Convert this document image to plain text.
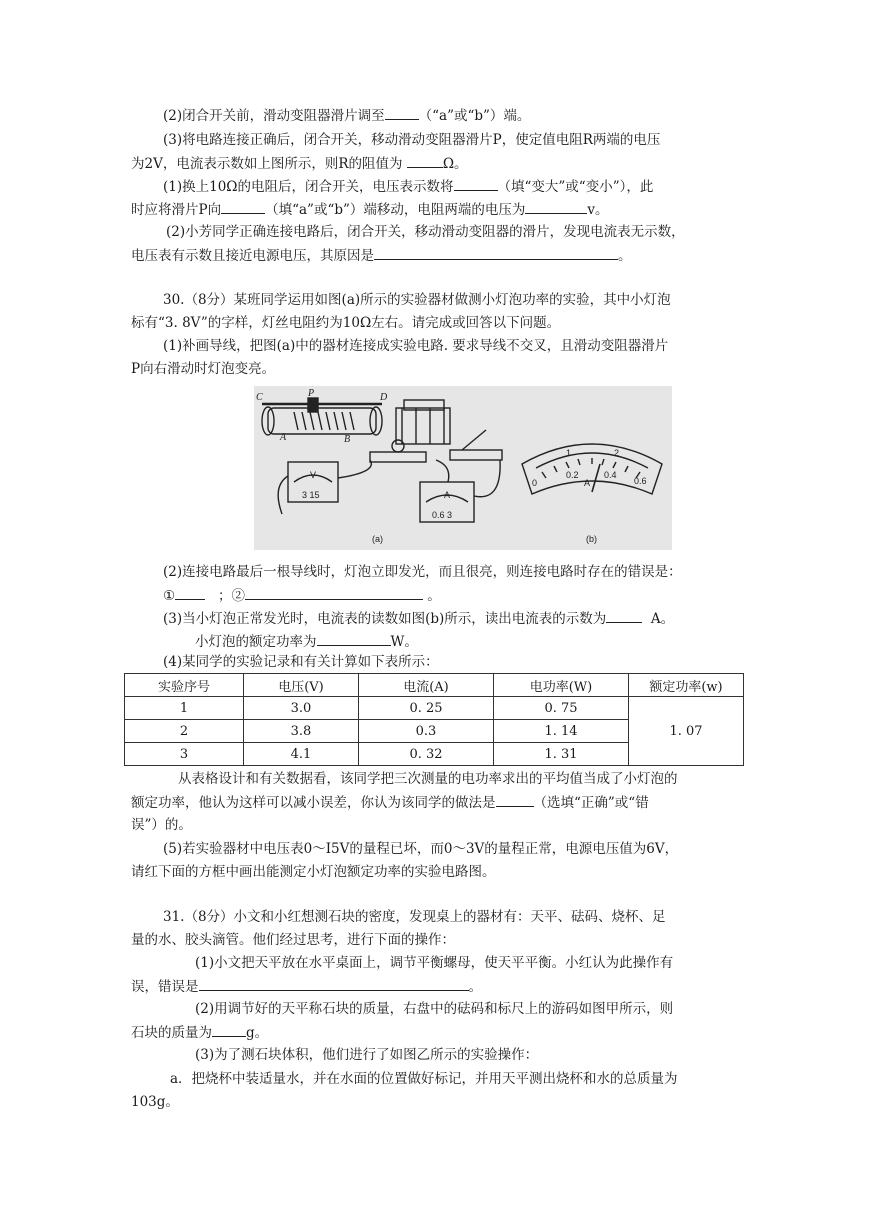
(2)闭合开关前，滑动变阻器滑片调至	（“a”或“b”）端。
(3)将电路连接正确后，闭合开关，移动滑动变阻器滑片P，使定值电阻R两端的电压
为2V，电流表示数如上图所示，则R的阻值为	Ω。
(1)换上10Ω的电阻后，闭合开关，电压表示数将	（填“变大”或“变小”），此
时应将滑片P向	（填“a”或“b”）端移动，电阻两端的电压为	v。
(2)小芳同学正确连接电路后，闭合开关，移动滑动变阻器的滑片，发现电流表无示数，
电压表有示数且接近电源电压，其原因是	。
30.（8分）某班同学运用如图(a)所示的实验器材做测小灯泡功率的实验，其中小灯泡
标有“3. 8V”的字样，灯丝电阻约为10Ω左右。请完成或回答以下问题。
(1)补画导线，把图(a)中的器材连接成实验电路. 要求导线不交叉，且滑动变阻器滑片
P向右滑动时灯泡变亮。
C	P	D
A	B
V
3 15	A
0.6 3
1	2
0
0.2	0.4
0.6
A
(a)	(b)
(2)连接电路最后一根导线时，灯泡立即发光，而且很亮，则连接电路时存在的错误是：
①	；②	。
(3)当小灯泡正常发光时，电流表的读数如图(b)所示，读出电流表的示数为	A。
小灯泡的额定功率为	W。
(4)某同学的实验记录和有关计算如下表所示：
实验序号	电压(V)	电流(A)	电功率(W)	额定功率(w)
1	3.0	0. 25	0. 75	1. 07
2	3.8	0.3	1. 14	
3	4.1	0. 32	1. 31	
从表格设计和有关数据看，该同学把三次测量的电功率求出的平均值当成了小灯泡的
额定功率，他认为这样可以减小误差，你认为该同学的做法是	（选填“正确”或“错
误”）的。
(5)若实验器材中电压表0～I5V的量程已坏，而0～3V的量程正常，电源电压值为6V，
请红下面的方框中画出能测定小灯泡额定功率的实验电路图。
31.（8分）小文和小红想测石块的密度，发现桌上的器材有：天平、砝码、烧杯、足
量的水、胶头滴管。他们经过思考，进行下面的操作：
(1)小文把天平放在水平桌面上，调节平衡螺母，使天平平衡。小红认为此操作有
误，错误是	。
(2)用调节好的天平称石块的质量，右盘中的砝码和标尺上的游码如图甲所示，则
石块的质量为	g。
(3)为了测石块体积，他们进行了如图乙所示的实验操作：
a．把烧杯中装适量水，并在水面的位置做好标记，并用天平测出烧杯和水的总质量为
103g。
